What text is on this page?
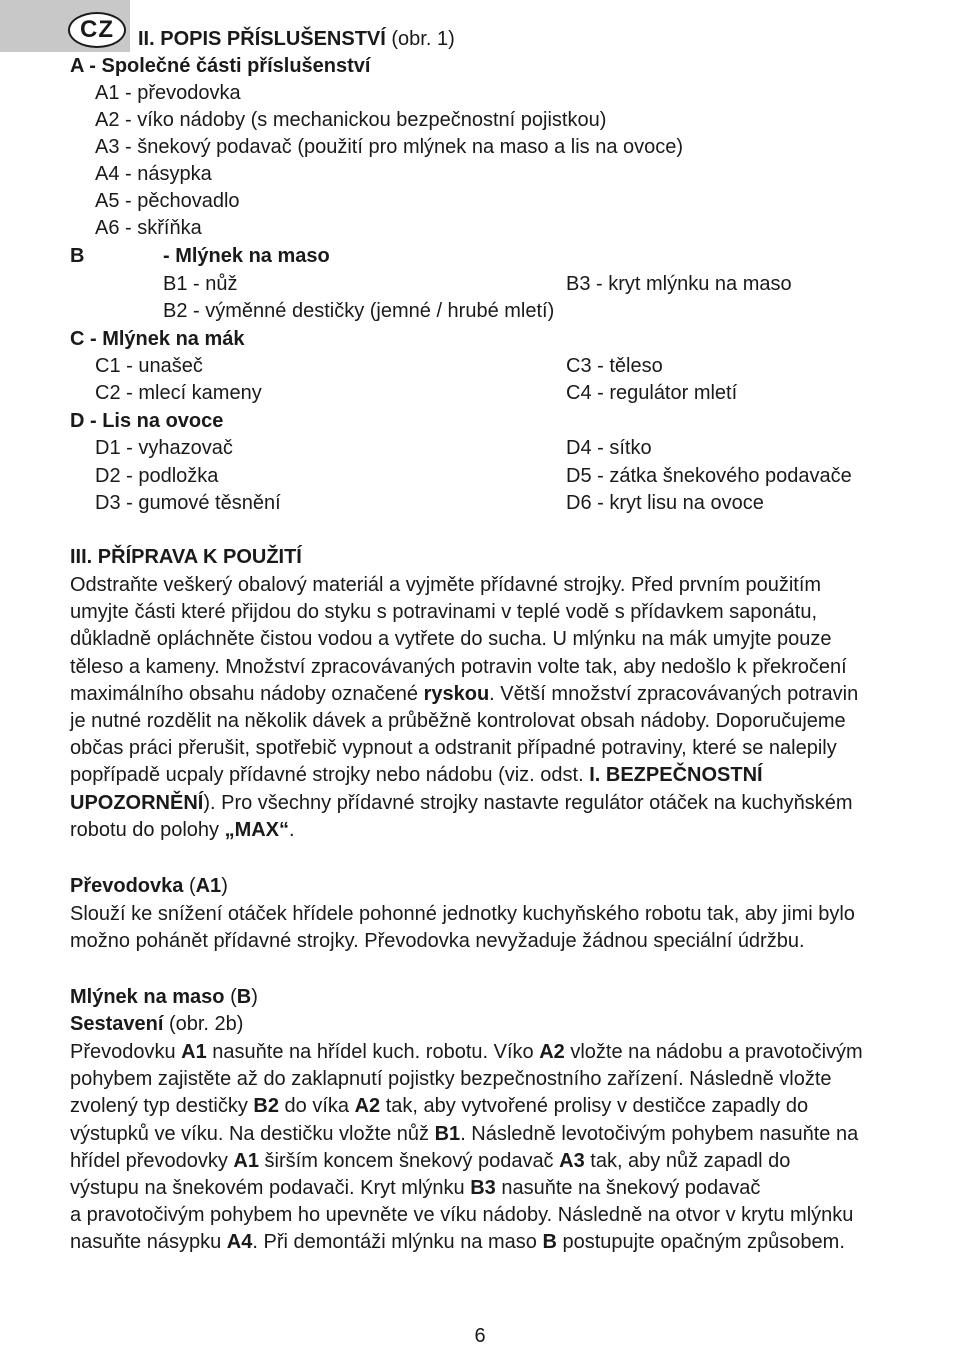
CZ	II. POPIS PŘÍSLUŠENSTVÍ (obr. 1)
A - Společné části příslušenství
A1 - převodovka
A2 - víko nádoby (s mechanickou bezpečnostní pojistkou)
A3 - šnekový podavač (použití pro mlýnek na maso a lis na ovoce)
A4 - násypka
A5 - pěchovadlo
A6 - skříňka
B	- Mlýnek na maso
B1 - nůž	B3 - kryt mlýnku na maso
B2 - výměnné destičky (jemné / hrubé mletí)
C - Mlýnek na mák
C1 - unašeč	C3 - těleso
C2 - mlecí kameny	C4 - regulátor mletí
D - Lis na ovoce
D1 - vyhazovač	D4 - sítko
D2 - podložka	D5 - zátka šnekového podavače
D3 - gumové těsnění	D6 - kryt lisu na ovoce
III. PŘÍPRAVA K POUŽITÍ
Odstraňte veškerý obalový materiál a vyjměte přídavné strojky. Před prvním použitím
umyjte části které přijdou do styku s potravinami v teplé vodě s přídavkem saponátu,
důkladně opláchněte čistou vodou a vytřete do sucha. U mlýnku na mák umyjte pouze
těleso a kameny. Množství zpracovávaných potravin volte tak, aby nedošlo k překročení
maximálního obsahu nádoby označené ryskou. Větší množství zpracovávaných potravin
je nutné rozdělit na několik dávek a průběžně kontrolovat obsah nádoby. Doporučujeme
občas práci přerušit, spotřebič vypnout a odstranit případné potraviny, které se nalepily
popřípadě ucpaly přídavné strojky nebo nádobu (viz. odst. I. BEZPEČNOSTNÍ
UPOZORNĚNÍ). Pro všechny přídavné strojky nastavte regulátor otáček na kuchyňském
robotu do polohy „MAX“.
Převodovka (A1)
Slouží ke snížení otáček hřídele pohonné jednotky kuchyňského robotu tak, aby jimi bylo
možno pohánět přídavné strojky. Převodovka nevyžaduje žádnou speciální údržbu.
Mlýnek na maso (B)
Sestavení (obr. 2b)
Převodovku A1 nasuňte na hřídel kuch. robotu. Víko A2 vložte na nádobu a pravotočivým
pohybem zajistěte až do zaklapnutí pojistky bezpečnostního zařízení. Následně vložte
zvolený typ destičky B2 do víka A2 tak, aby vytvořené prolisy v destičce zapadly do
výstupků ve víku. Na destičku vložte nůž B1. Následně levotočivým pohybem nasuňte na
hřídel převodovky A1 širším koncem šnekový podavač A3 tak, aby nůž zapadl do
výstupu na šnekovém podavači. Kryt mlýnku B3 nasuňte na šnekový podavač
a pravotočivým pohybem ho upevněte ve víku nádoby. Následně na otvor v krytu mlýnku
nasuňte násypku A4. Při demontáži mlýnku na maso B postupujte opačným způsobem.
6
